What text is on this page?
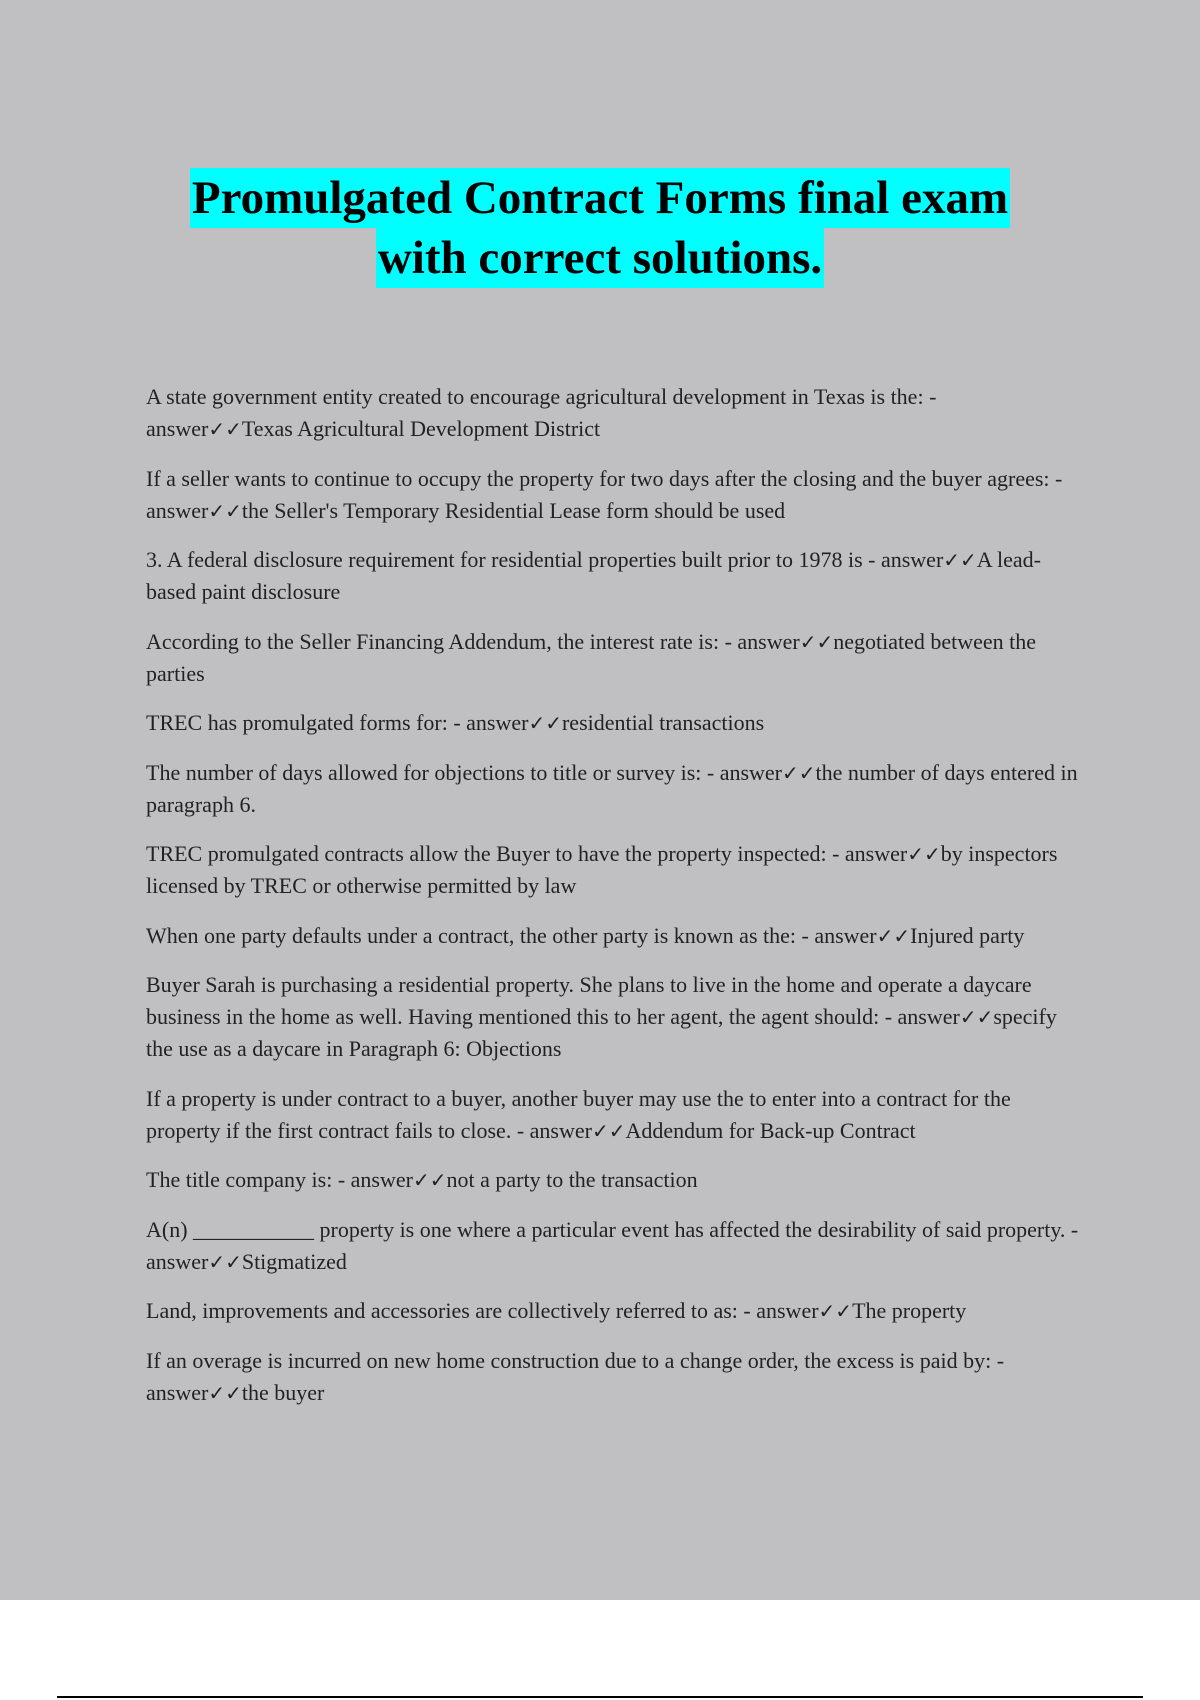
Promulgated Contract Forms final exam
with correct solutions.

A state government entity created to encourage agricultural development in Texas is the: - answer✓✓Texas Agricultural Development District

If a seller wants to continue to occupy the property for two days after the closing and the buyer agrees: - answer✓✓the Seller's Temporary Residential Lease form should be used

3. A federal disclosure requirement for residential properties built prior to 1978 is - answer✓✓A lead-based paint disclosure

According to the Seller Financing Addendum, the interest rate is: - answer✓✓negotiated between the parties

TREC has promulgated forms for: - answer✓✓residential transactions

The number of days allowed for objections to title or survey is: - answer✓✓the number of days entered in paragraph 6.

TREC promulgated contracts allow the Buyer to have the property inspected: - answer✓✓by inspectors licensed by TREC or otherwise permitted by law

When one party defaults under a contract, the other party is known as the: - answer✓✓Injured party

Buyer Sarah is purchasing a residential property. She plans to live in the home and operate a daycare business in the home as well. Having mentioned this to her agent, the agent should: - answer✓✓specify the use as a daycare in Paragraph 6: Objections

If a property is under contract to a buyer, another buyer may use the to enter into a contract for the property if the first contract fails to close. - answer✓✓Addendum for Back-up Contract

The title company is: - answer✓✓not a party to the transaction

A(n) ___________ property is one where a particular event has affected the desirability of said property. - answer✓✓Stigmatized

Land, improvements and accessories are collectively referred to as: - answer✓✓The property

If an overage is incurred on new home construction due to a change order, the excess is paid by: - answer✓✓the buyer
